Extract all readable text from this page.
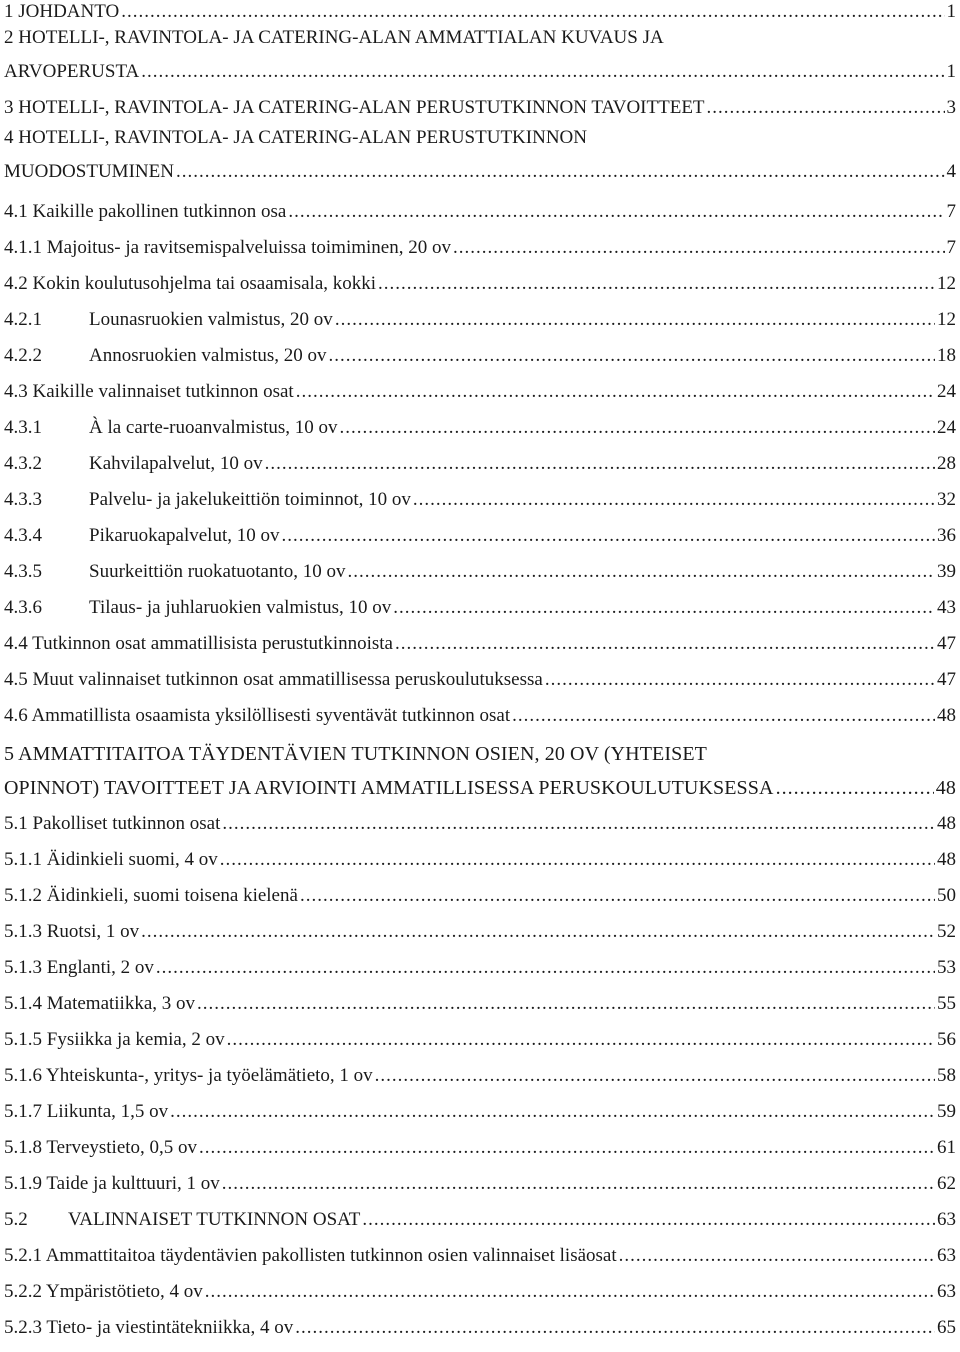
1 JOHDANTO .....	1
2 HOTELLI-, RAVINTOLA- JA CATERING-ALAN AMMATTIALAN KUVAUS JA
ARVOPERUSTA .....	1
3 HOTELLI-, RAVINTOLA- JA CATERING-ALAN PERUSTUTKINNON TAVOITTEET .....	3
4 HOTELLI-, RAVINTOLA- JA CATERING-ALAN PERUSTUTKINNON
MUODOSTUMINEN .....	4
4.1 Kaikille pakollinen tutkinnon osa .....	7
4.1.1 Majoitus- ja ravitsemispalveluissa toimiminen, 20 ov .....	7
4.2 Kokin koulutusohjelma tai osaamisala, kokki .....	12
4.2.1 Lounasruokien valmistus, 20 ov .....	12
4.2.2 Annosruokien valmistus, 20 ov .....	18
4.3 Kaikille valinnaiset tutkinnon osat .....	24
4.3.1 À la carte-ruoanvalmistus, 10 ov .....	24
4.3.2 Kahvilapalvelut, 10 ov .....	28
4.3.3 Palvelu- ja jakelukeittiön toiminnot, 10 ov .....	32
4.3.4 Pikaruokapalvelut, 10 ov .....	36
4.3.5 Suurkeittiön ruokatuotanto, 10 ov .....	39
4.3.6 Tilaus- ja juhlaruokien valmistus, 10 ov .....	43
4.4 Tutkinnon osat ammatillisista perustutkinnoista .....	47
4.5 Muut valinnaiset tutkinnon osat ammatillisessa peruskoulutuksessa .....	47
4.6 Ammatillista osaamista yksilöllisesti syventävät tutkinnon osat .....	48
5 AMMATTITAITOA TÄYDENTÄVIEN TUTKINNON OSIEN, 20 OV (YHTEISET
OPINNOT) TAVOITTEET JA ARVIOINTI AMMATILLISESSA PERUSKOULUTUKSESSA .....	48
5.1 Pakolliset tutkinnon osat .....	48
5.1.1 Äidinkieli suomi, 4 ov .....	48
5.1.2 Äidinkieli, suomi toisena kielenä .....	50
5.1.3 Ruotsi, 1 ov .....	52
5.1.3 Englanti, 2 ov .....	53
5.1.4 Matematiikka, 3 ov .....	55
5.1.5 Fysiikka ja kemia, 2 ov .....	56
5.1.6 Yhteiskunta-, yritys- ja työelämätieto, 1 ov .....	58
5.1.7 Liikunta, 1,5 ov .....	59
5.1.8 Terveystieto, 0,5 ov .....	61
5.1.9 Taide ja kulttuuri, 1 ov .....	62
5.2 VALINNAISET TUTKINNON OSAT .....	63
5.2.1 Ammattitaitoa täydentävien pakollisten tutkinnon osien valinnaiset lisäosat .....	63
5.2.2 Ympäristötieto, 4 ov .....	63
5.2.3 Tieto- ja viestintätekniikka, 4 ov .....	65
